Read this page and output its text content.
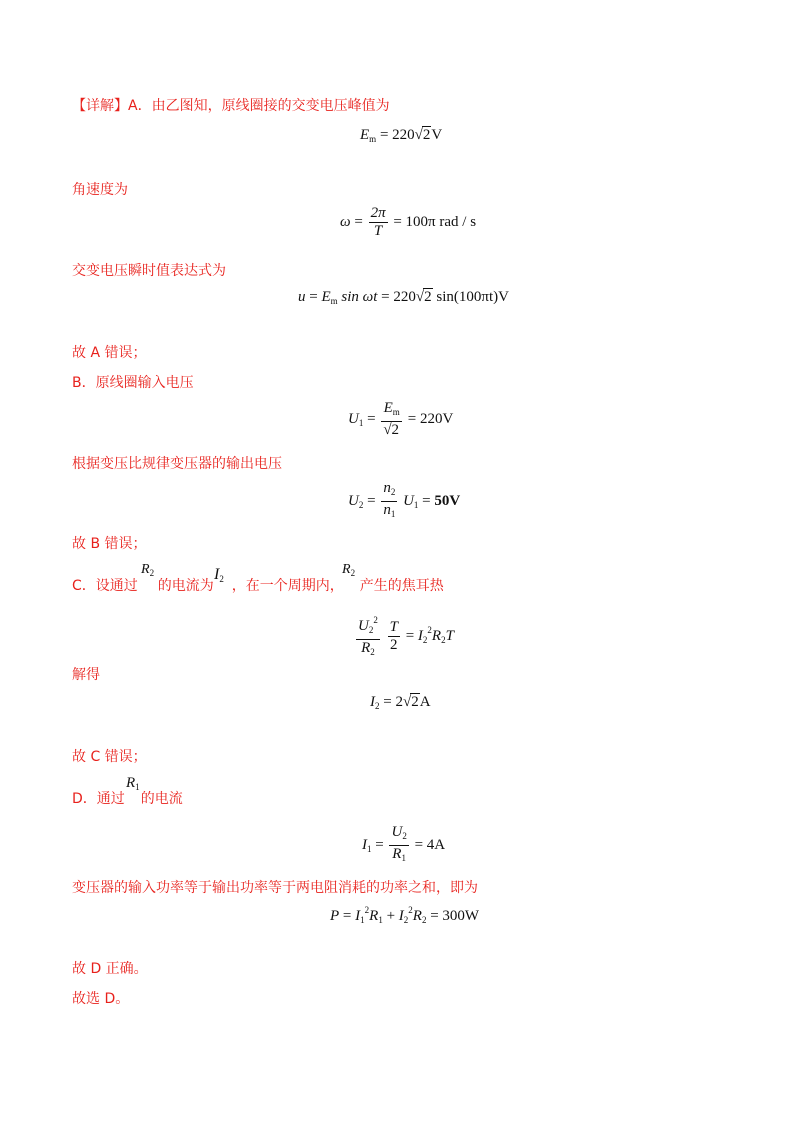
【详解】A．由乙图知，原线圈接的交变电压峰值为
$E_m = 220√2V$
角速度为
$\omega = \frac{2\pi}{T} = 100\pi$ rad / s
交变电压瞬时值表达式为
$u = E_m$ sin ωt = 220√2 sin(100πt)V
故 A 错误；
B．原线圈输入电压
$U_1 = \frac{E_m}{√2} = 220V$
根据变压比规律变压器的输出电压
$U_2 = \frac{n_2}{n_1} U_1 = 50V$
故 B 错误；
C．设通过 的电流为 ，在一个周期内， 产生的焦耳热
$R_2$	$I_2$
$R_2$
$\frac{U_2^2}{R_2}$
$\frac{T}{2} = I_2^2R_2T$
解得
$I_2 = 2√2A$
故 C 错误；
D．通过 的电流
$R_1$
$I_1 = \frac{U_2}{R_1} = 4A$
变压器的输入功率等于输出功率等于两电阻消耗的功率之和，即为
$P = I_1^2R_1 + I_2^2R_2 = 300W$
故 D 正确。
故选 D。
